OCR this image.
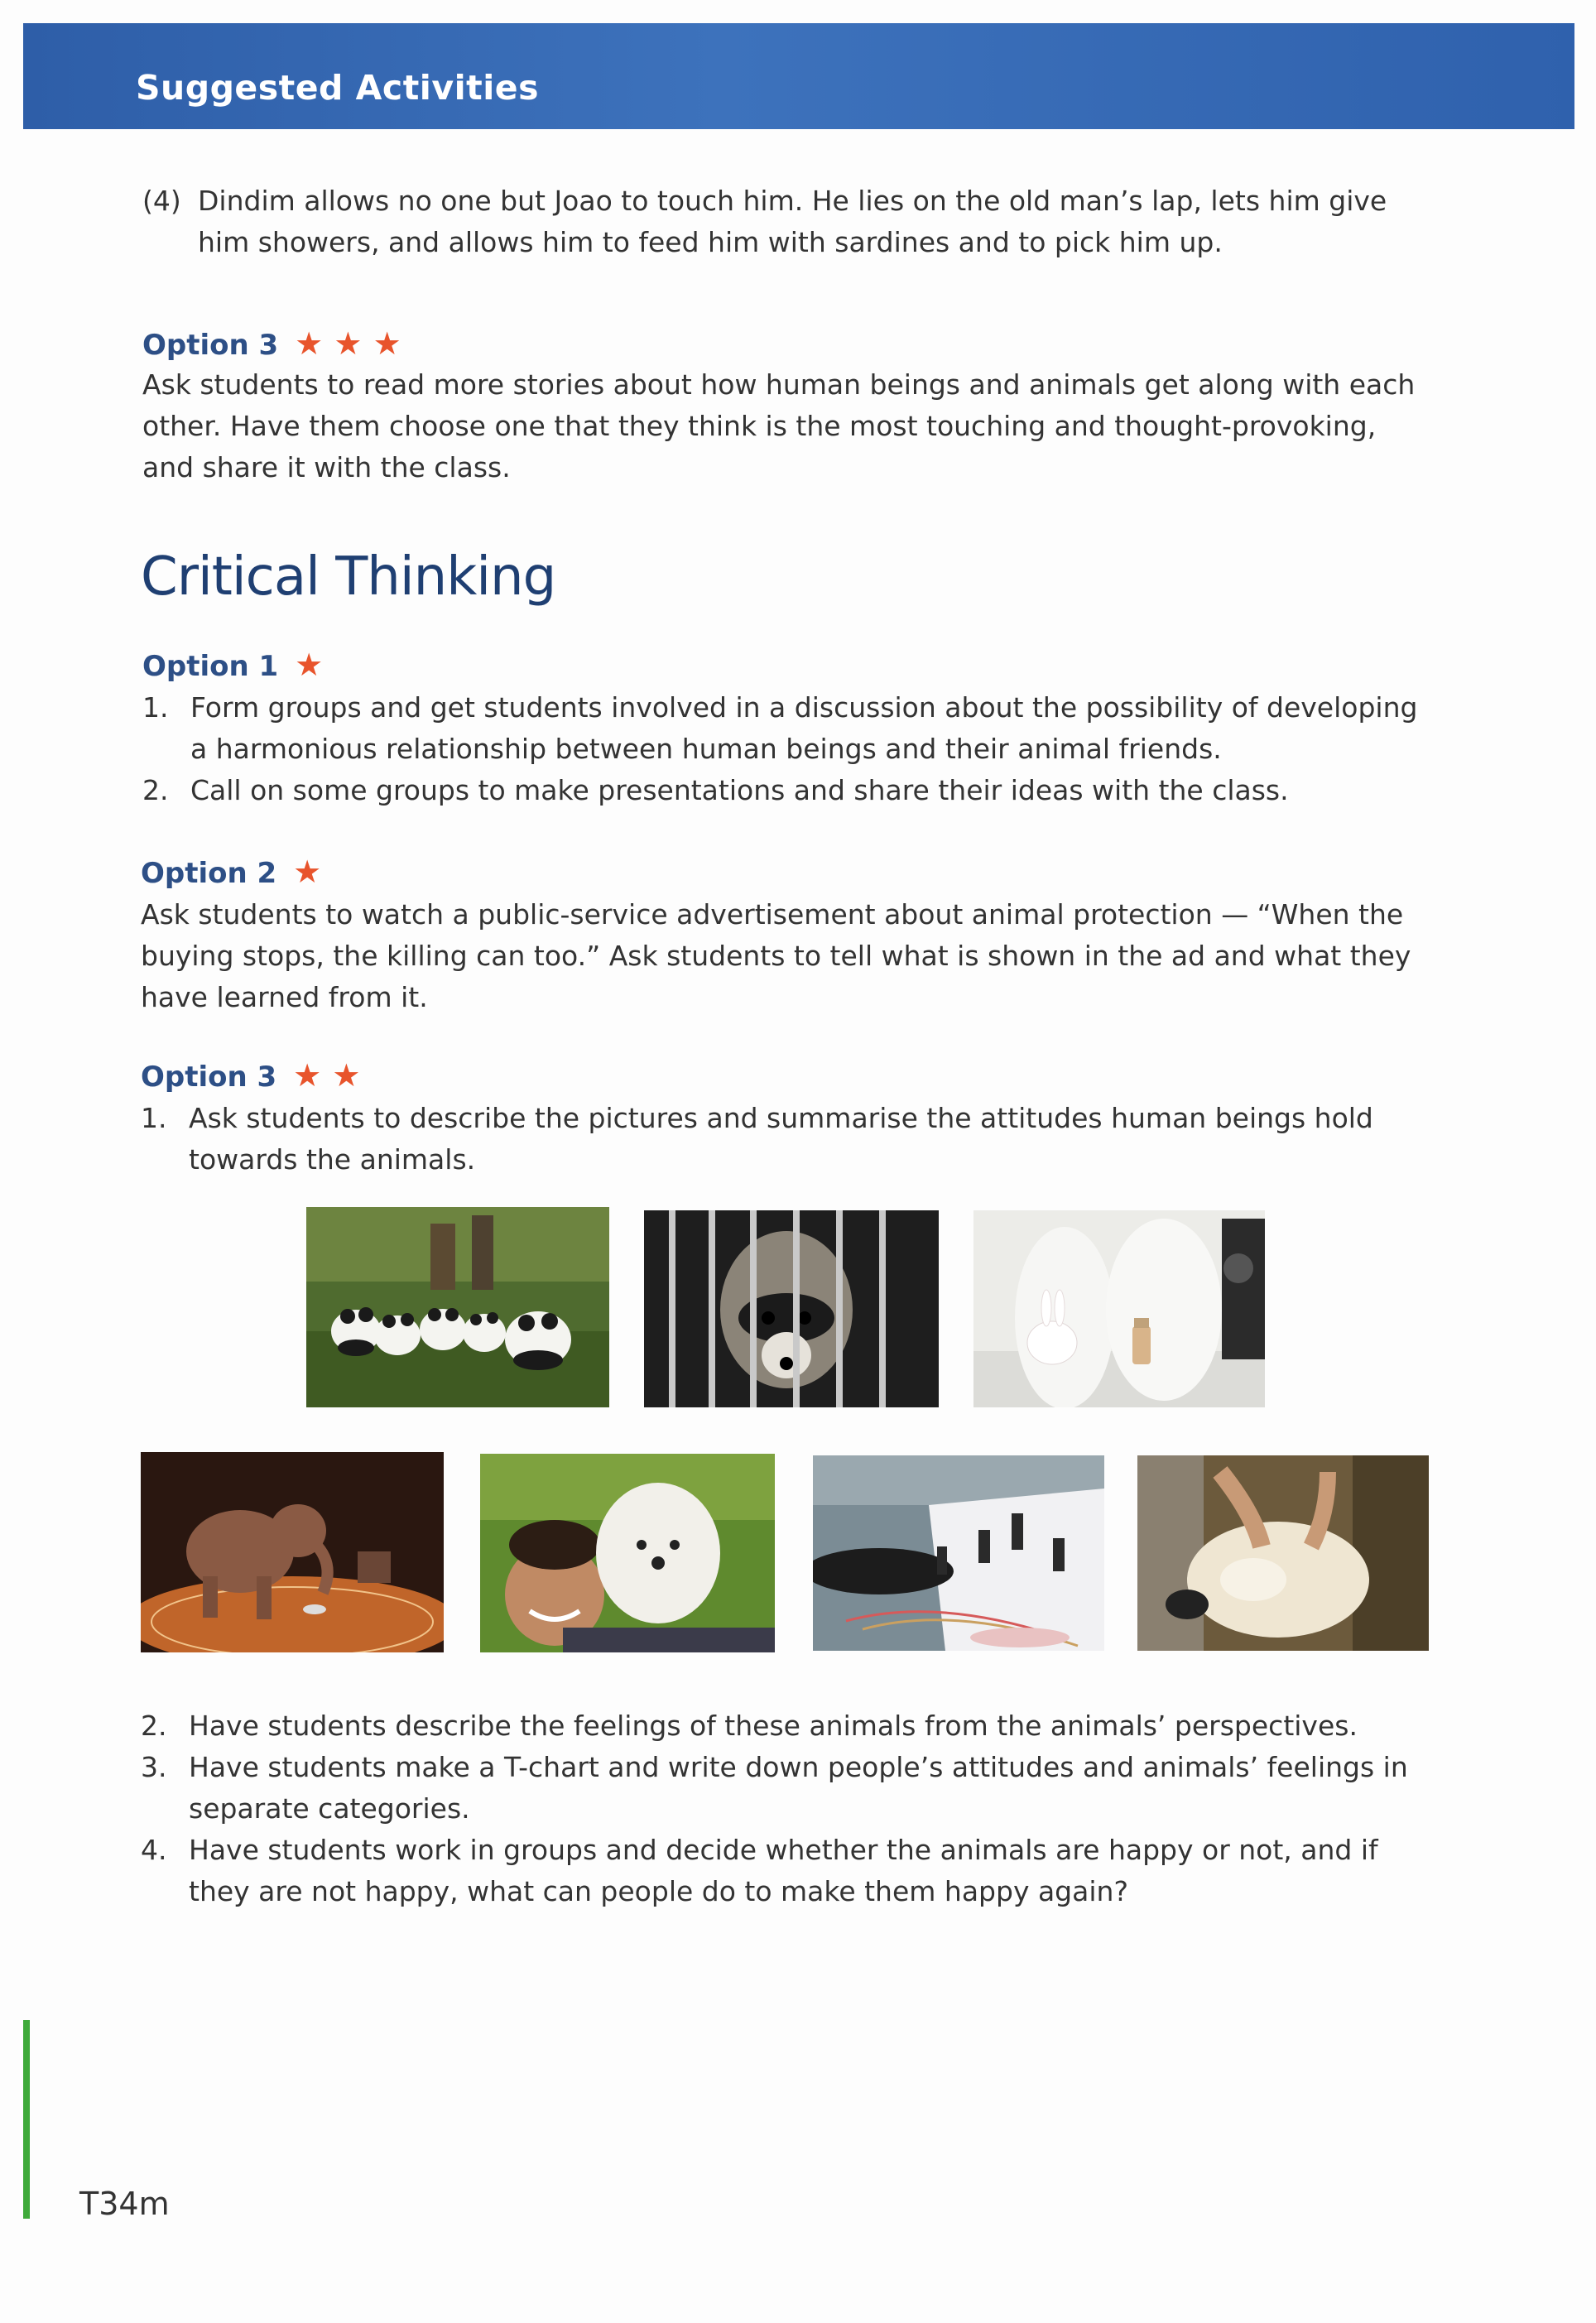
Suggested Activities
(4) Dindim allows no one but Joao to touch him. He lies on the old man’s lap, lets him give him showers, and allows him to feed him with sardines and to pick him up.
Option 3 ★ ★ ★
Ask students to read more stories about how human beings and animals get along with each other. Have them choose one that they think is the most touching and thought-provoking, and share it with the class.
Critical Thinking
Option 1 ★
1. Form groups and get students involved in a discussion about the possibility of developing a harmonious relationship between human beings and their animal friends.
2. Call on some groups to make presentations and share their ideas with the class.
Option 2 ★
Ask students to watch a public-service advertisement about animal protection — “When the buying stops, the killing can too.” Ask students to tell what is shown in the ad and what they have learned from it.
Option 3 ★ ★
1. Ask students to describe the pictures and summarise the attitudes human beings hold towards the animals.
2. Have students describe the feelings of these animals from the animals’ perspectives.
3. Have students make a T-chart and write down people’s attitudes and animals’ feelings in separate categories.
4. Have students work in groups and decide whether the animals are happy or not, and if they are not happy, what can people do to make them happy again?
T34m
